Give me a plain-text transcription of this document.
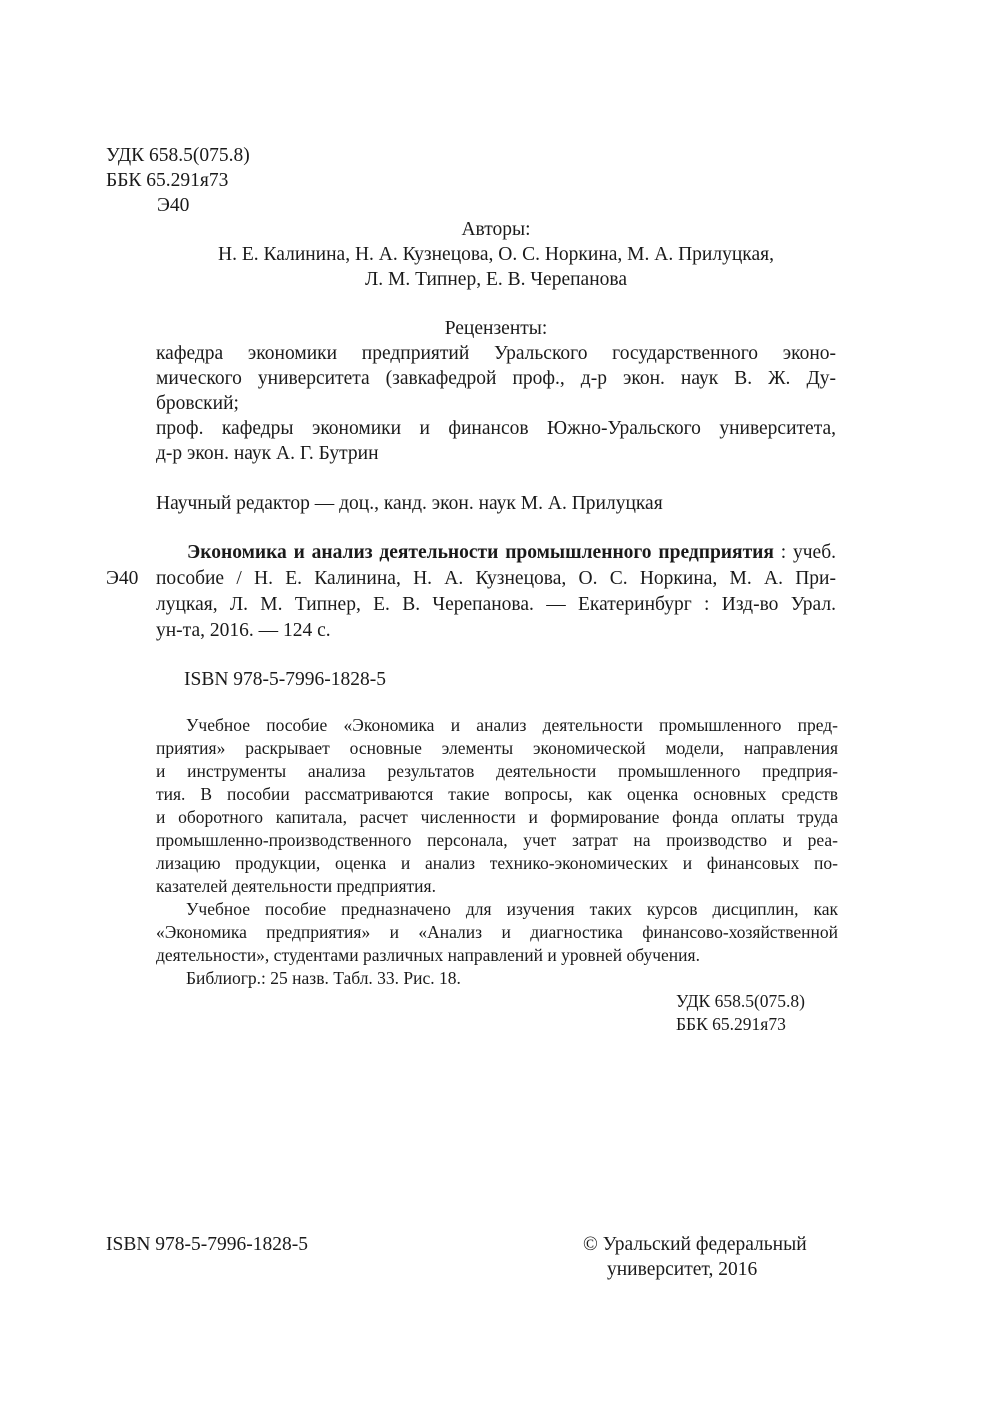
УДК 658.5(075.8)
ББК 65.291я73
Э40
Авторы:
Н. Е. Калинина, Н. А. Кузнецова, О. С. Норкина, М. А. Прилуцкая,
Л. М. Типнер, Е. В. Черепанова
Рецензенты:
кафедра экономики предприятий Уральского государственного эконо-
мического университета (завкафедрой проф., д-р экон. наук В. Ж. Ду-
бровский;
проф. кафедры экономики и финансов Южно-Уральского университета,
д-р экон. наук А. Г. Бутрин
Научный редактор — доц., канд. экон. наук М. А. Прилуцкая
Экономика и анализ деятельности промышленного предприятия : учеб.
Э40 пособие / Н. Е. Калинина, Н. А. Кузнецова, О. С. Норкина, М. А. При-
луцкая, Л. М. Типнер, Е. В. Черепанова. — Екатеринбург : Изд-во Урал.
ун-та, 2016. — 124 с.
ISBN 978-5-7996-1828-5
Учебное пособие «Экономика и анализ деятельности промышленного пред-
приятия» раскрывает основные элементы экономической модели, направления
и инструменты анализа результатов деятельности промышленного предприя-
тия. В пособии рассматриваются такие вопросы, как оценка основных средств
и оборотного капитала, расчет численности и формирование фонда оплаты труда
промышленно-производственного персонала, учет затрат на производство и реа-
лизацию продукции, оценка и анализ технико-экономических и финансовых по-
казателей деятельности предприятия.
Учебное пособие предназначено для изучения таких курсов дисциплин, как
«Экономика предприятия» и «Анализ и диагностика финансово-хозяйственной
деятельности», студентами различных направлений и уровней обучения.
Библиогр.: 25 назв. Табл. 33. Рис. 18.
УДК 658.5(075.8)
ББК 65.291я73
ISBN 978-5-7996-1828-5	© Уральский федеральный
университет, 2016
